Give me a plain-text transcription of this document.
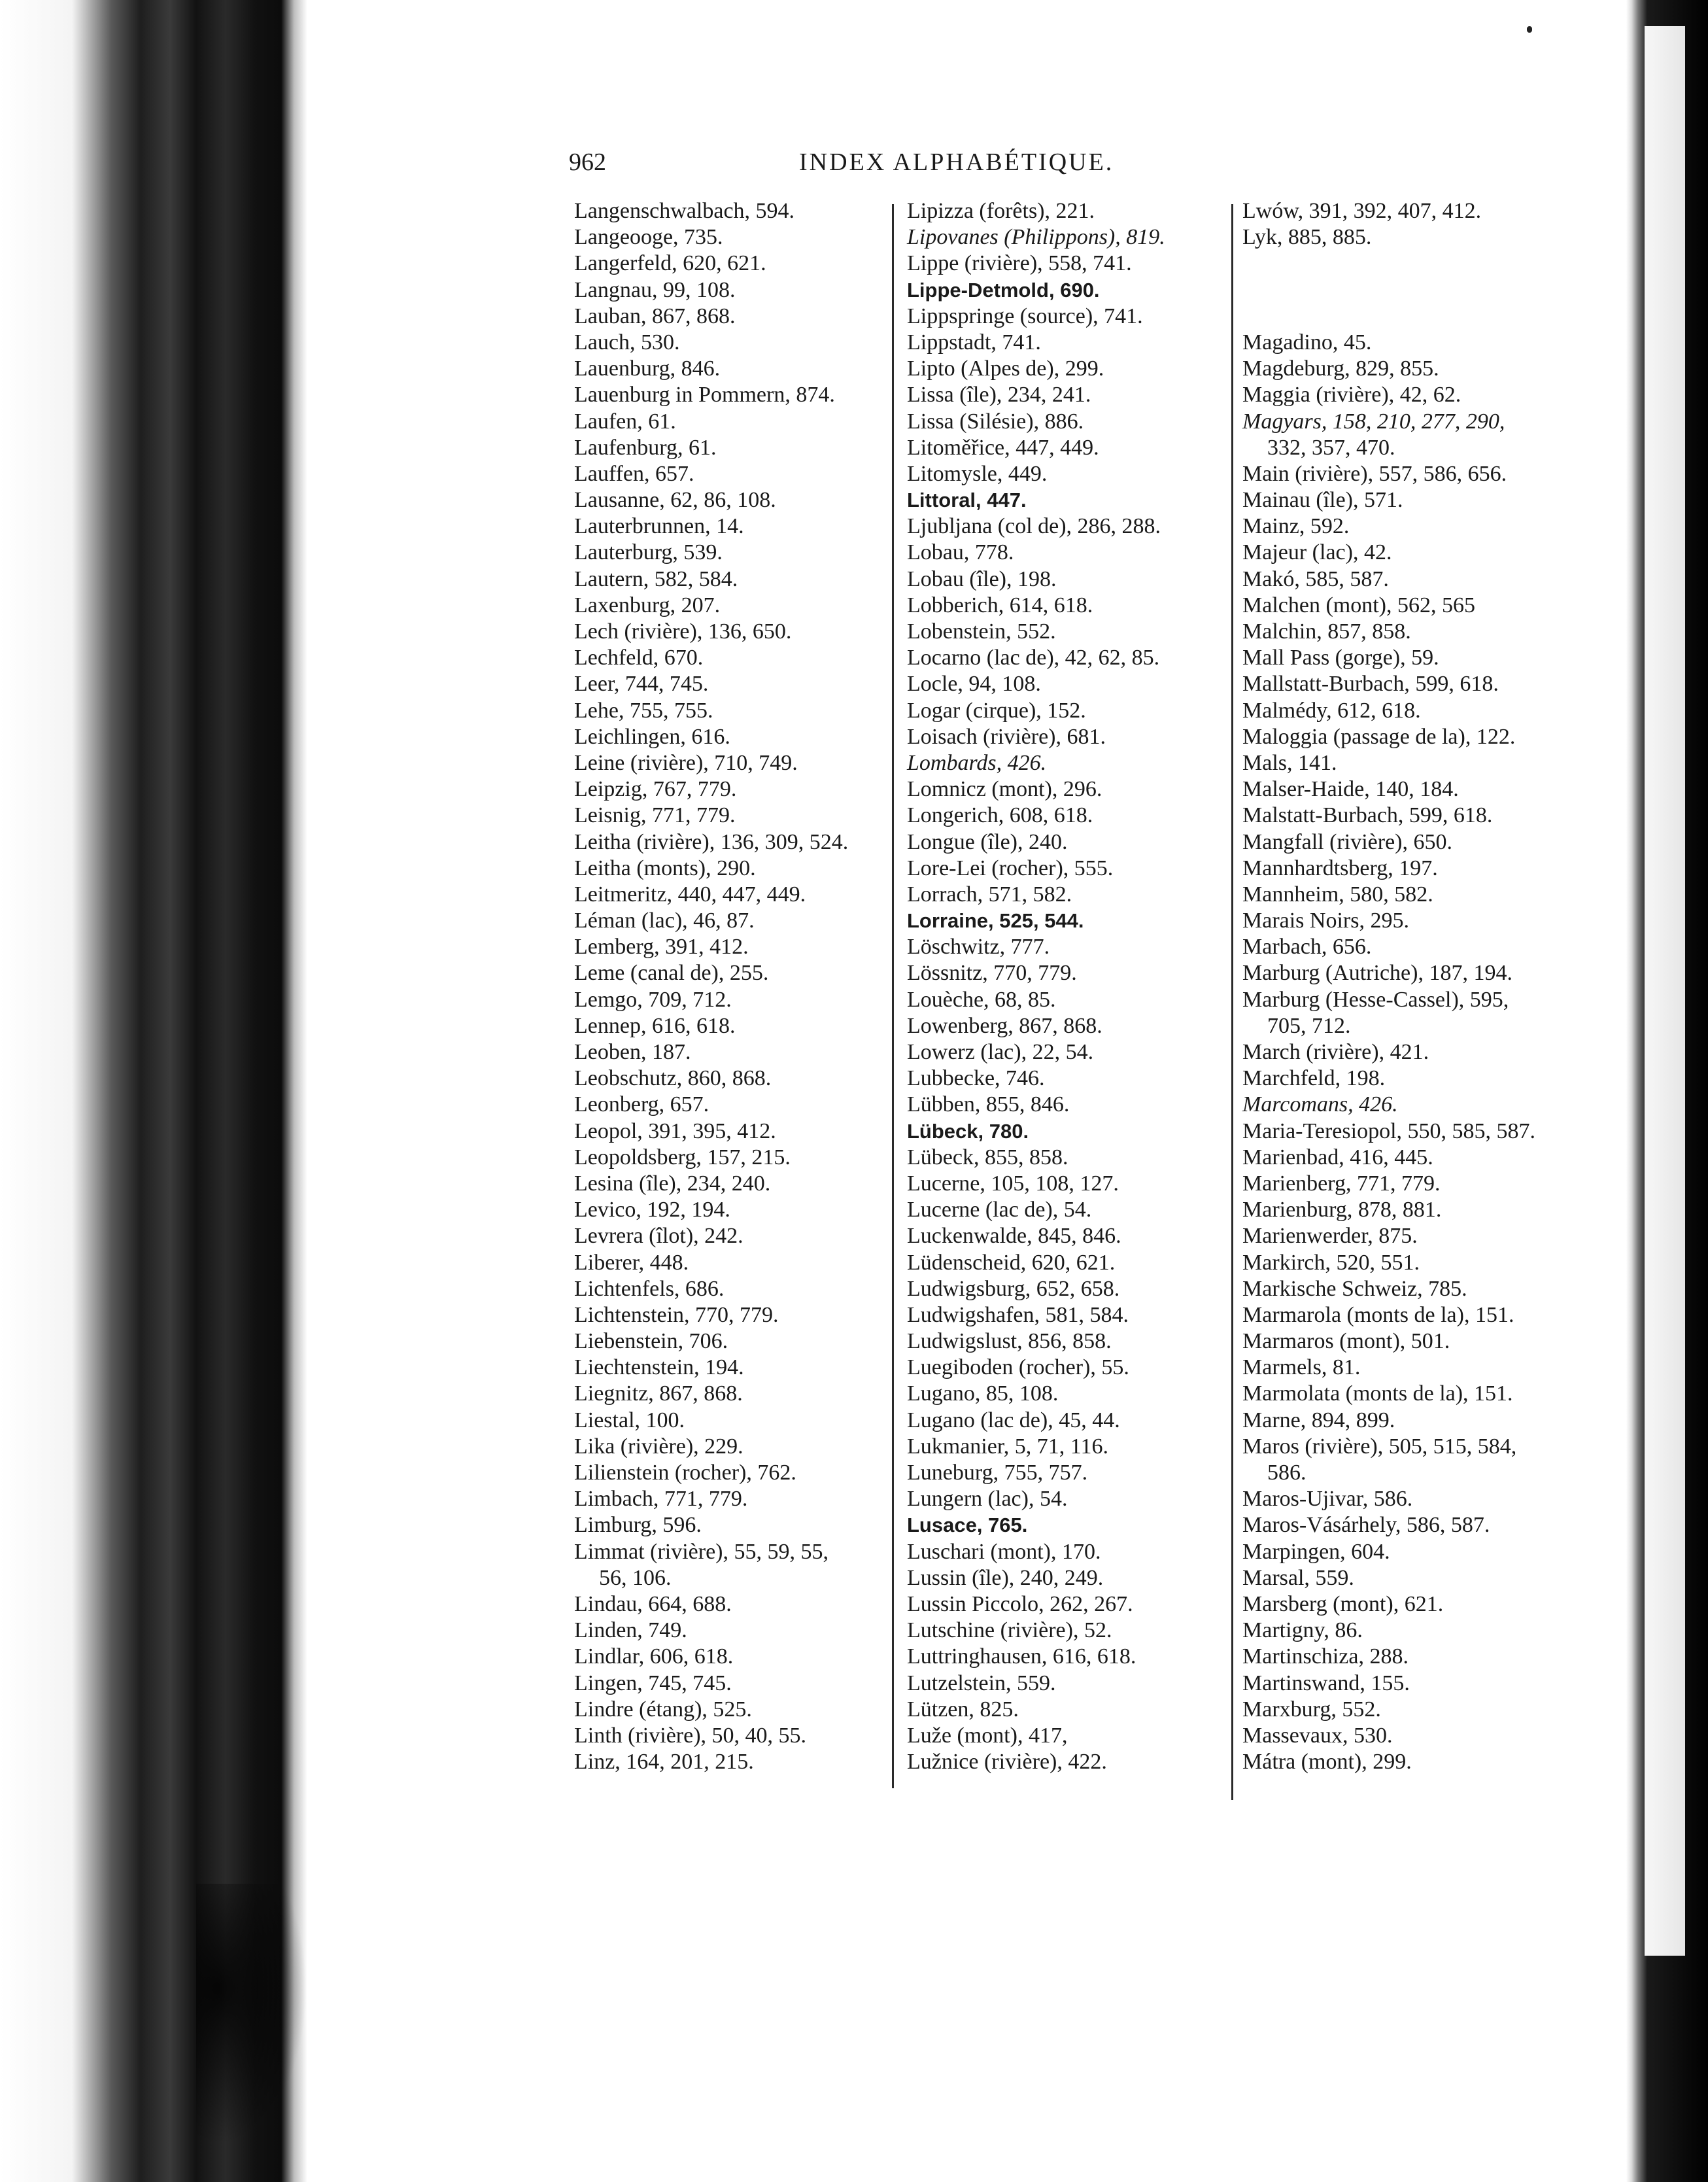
962	INDEX ALPHABÉTIQUE.
Langenschwalbach, 594.
Langeooge, 735.
Langerfeld, 620, 621.
Langnau, 99, 108.
Lauban, 867, 868.
Lauch, 530.
Lauenburg, 846.
Lauenburg in Pommern, 874.
Laufen, 61.
Laufenburg, 61.
Lauffen, 657.
Lausanne, 62, 86, 108.
Lauterbrunnen, 14.
Lauterburg, 539.
Lautern, 582, 584.
Laxenburg, 207.
Lech (rivière), 136, 650.
Lechfeld, 670.
Leer, 744, 745.
Lehe, 755, 755.
Leichlingen, 616.
Leine (rivière), 710, 749.
Leipzig, 767, 779.
Leisnig, 771, 779.
Leitha (rivière), 136, 309, 524.
Leitha (monts), 290.
Leitmeritz, 440, 447, 449.
Léman (lac), 46, 87.
Lemberg, 391, 412.
Leme (canal de), 255.
Lemgo, 709, 712.
Lennep, 616, 618.
Leoben, 187.
Leobschutz, 860, 868.
Leonberg, 657.
Leopol, 391, 395, 412.
Leopoldsberg, 157, 215.
Lesina (île), 234, 240.
Levico, 192, 194.
Levrera (îlot), 242.
Liberer, 448.
Lichtenfels, 686.
Lichtenstein, 770, 779.
Liebenstein, 706.
Liechtenstein, 194.
Liegnitz, 867, 868.
Liestal, 100.
Lika (rivière), 229.
Lilienstein (rocher), 762.
Limbach, 771, 779.
Limburg, 596.
Limmat (rivière), 55, 59, 55,
56, 106.
Lindau, 664, 688.
Linden, 749.
Lindlar, 606, 618.
Lingen, 745, 745.
Lindre (étang), 525.
Linth (rivière), 50, 40, 55.
Linz, 164, 201, 215.
Lipizza (forêts), 221.
Lipovanes (Philippons), 819.
Lippe (rivière), 558, 741.
Lippe-Detmold, 690.
Lippspringe (source), 741.
Lippstadt, 741.
Lipto (Alpes de), 299.
Lissa (île), 234, 241.
Lissa (Silésie), 886.
Litoměřice, 447, 449.
Litomysle, 449.
Littoral, 447.
Ljubljana (col de), 286, 288.
Lobau, 778.
Lobau (île), 198.
Lobberich, 614, 618.
Lobenstein, 552.
Locarno (lac de), 42, 62, 85.
Locle, 94, 108.
Logar (cirque), 152.
Loisach (rivière), 681.
Lombards, 426.
Lomnicz (mont), 296.
Longerich, 608, 618.
Longue (île), 240.
Lore-Lei (rocher), 555.
Lorrach, 571, 582.
Lorraine, 525, 544.
Löschwitz, 777.
Lössnitz, 770, 779.
Louèche, 68, 85.
Lowenberg, 867, 868.
Lowerz (lac), 22, 54.
Lubbecke, 746.
Lübben, 855, 846.
Lübeck, 780.
Lübeck, 855, 858.
Lucerne, 105, 108, 127.
Lucerne (lac de), 54.
Luckenwalde, 845, 846.
Lüdenscheid, 620, 621.
Ludwigsburg, 652, 658.
Ludwigshafen, 581, 584.
Ludwigslust, 856, 858.
Luegiboden (rocher), 55.
Lugano, 85, 108.
Lugano (lac de), 45, 44.
Lukmanier, 5, 71, 116.
Luneburg, 755, 757.
Lungern (lac), 54.
Lusace, 765.
Luschari (mont), 170.
Lussin (île), 240, 249.
Lussin Piccolo, 262, 267.
Lutschine (rivière), 52.
Luttringhausen, 616, 618.
Lutzelstein, 559.
Lützen, 825.
Luže (mont), 417,
Lužnice (rivière), 422.
Lwów, 391, 392, 407, 412.
Lyk, 885, 885.
Magadino, 45.
Magdeburg, 829, 855.
Maggia (rivière), 42, 62.
Magyars, 158, 210, 277, 290,
332, 357, 470.
Main (rivière), 557, 586, 656.
Mainau (île), 571.
Mainz, 592.
Majeur (lac), 42.
Makó, 585, 587.
Malchen (mont), 562, 565
Malchin, 857, 858.
Mall Pass (gorge), 59.
Mallstatt-Burbach, 599, 618.
Malmédy, 612, 618.
Maloggia (passage de la), 122.
Mals, 141.
Malser-Haide, 140, 184.
Malstatt-Burbach, 599, 618.
Mangfall (rivière), 650.
Mannhardtsberg, 197.
Mannheim, 580, 582.
Marais Noirs, 295.
Marbach, 656.
Marburg (Autriche), 187, 194.
Marburg (Hesse-Cassel), 595,
705, 712.
March (rivière), 421.
Marchfeld, 198.
Marcomans, 426.
Maria-Teresiopol, 550, 585, 587.
Marienbad, 416, 445.
Marienberg, 771, 779.
Marienburg, 878, 881.
Marienwerder, 875.
Markirch, 520, 551.
Markische Schweiz, 785.
Marmarola (monts de la), 151.
Marmaros (mont), 501.
Marmels, 81.
Marmolata (monts de la), 151.
Marne, 894, 899.
Maros (rivière), 505, 515, 584,
586.
Maros-Ujivar, 586.
Maros-Vásárhely, 586, 587.
Marpingen, 604.
Marsal, 559.
Marsberg (mont), 621.
Martigny, 86.
Martinschiza, 288.
Martinswand, 155.
Marxburg, 552.
Massevaux, 530.
Mátra (mont), 299.
